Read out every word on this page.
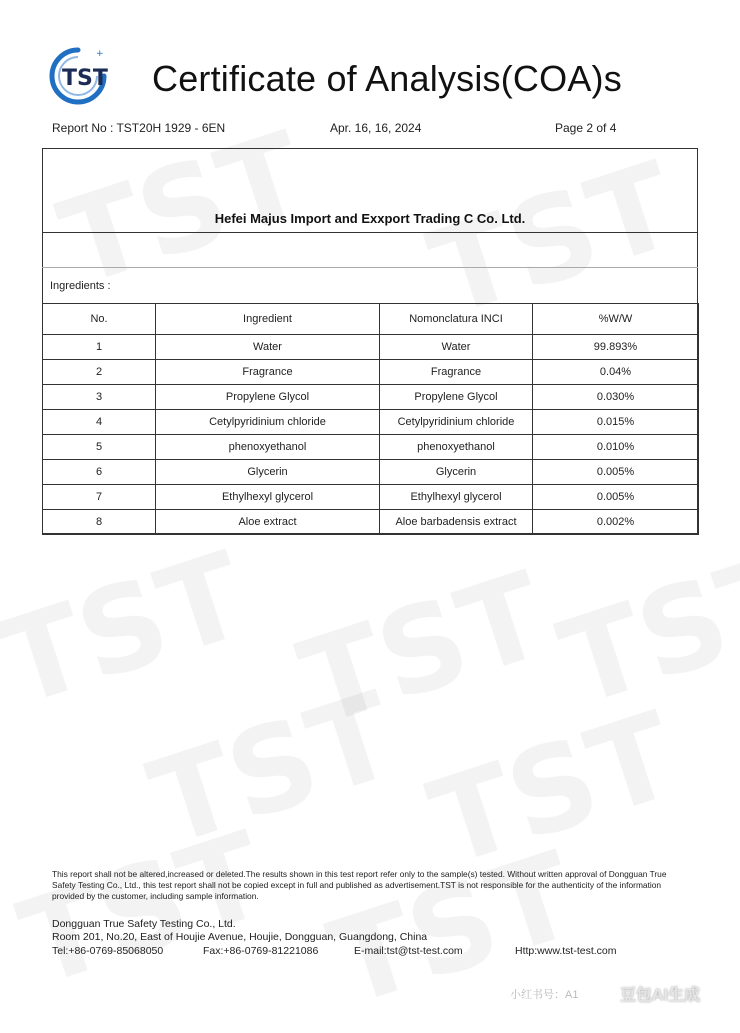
TST
+
Certificate of Analysis(COA)s
Report No : TST20H 1929 - 6EN	Apr. 16, 16, 2024	Page 2 of 4
Hefei Majus Import and Exxport Trading C Co. Ltd.
Ingredients :
No.	Ingredient	Nomonclatura INCI	%W/W
1	Water	Water	99.893%
2	Fragrance	Fragrance	0.04%
3	Propylene Glycol	Propylene Glycol	0.030%
4	Cetylpyridinium chloride	Cetylpyridinium chloride	0.015%
5	phenoxyethanol	phenoxyethanol	0.010%
6	Glycerin	Glycerin	0.005%
7	Ethylhexyl glycerol	Ethylhexyl glycerol	0.005%
8	Aloe extract	Aloe barbadensis extract	0.002%
This report shall not be altered,increased or deleted.The results shown in this test report refer only to the sample(s) tested. Without written approval of Dongguan True Safety Testing Co., Ltd., this test report shall not be copied except in full and published as advertisement.TST is not responsible for the authenticity of the information provided by the customer, including sample information.
Dongguan True Safety Testing Co., Ltd.
Room 201, No.20, East of Houjie Avenue, Houjie, Dongguan, Guangdong, China
Tel:+86-0769-85068050	Fax:+86-0769-81221086	E-mail:tst@tst-test.com	Http:www.tst-test.com
小红书号：A1	豆包AI生成
